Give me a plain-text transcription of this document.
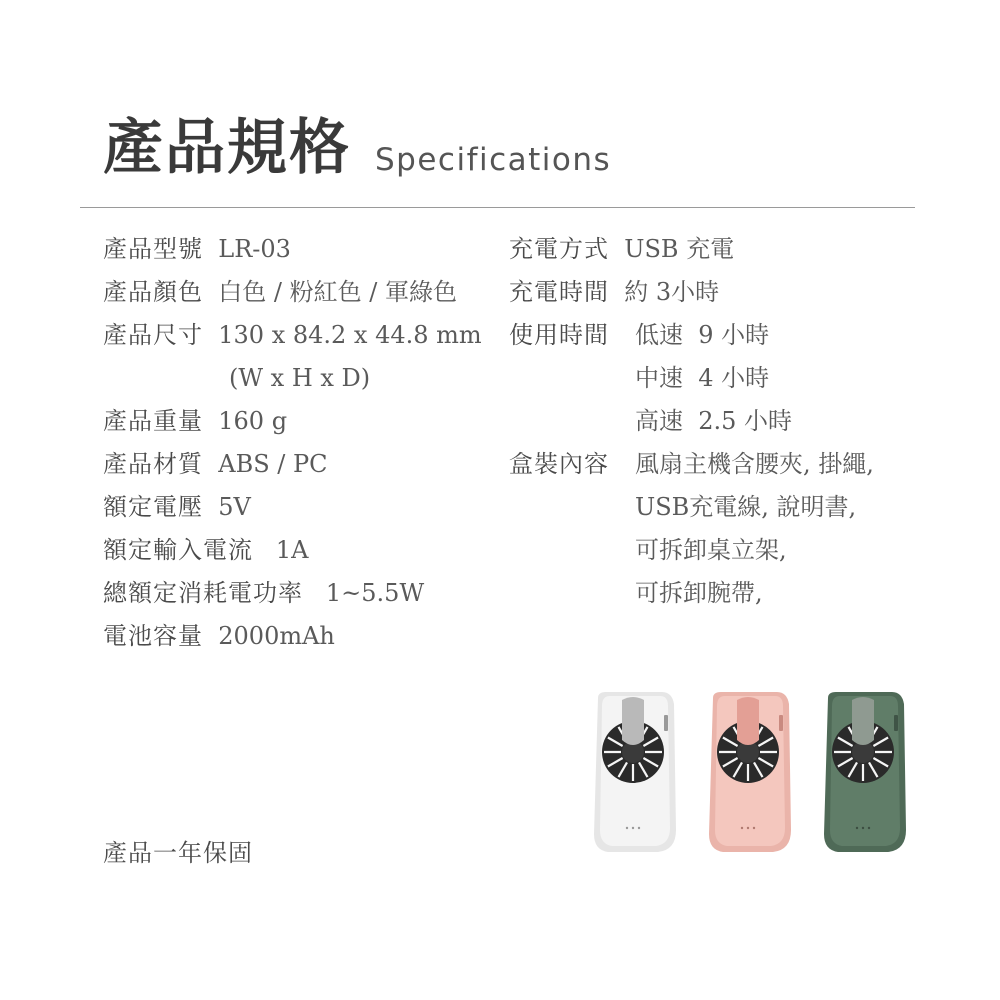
產品規格 Specifications
產品型號 LR-03
產品顏色 白色 / 粉紅色 / 軍綠色
產品尺寸 130 x 84.2 x 44.8 mm
(W x H x D)
產品重量 160 g
產品材質 ABS / PC
額定電壓 5V
額定輸入電流 1A
總額定消耗電功率 1~5.5W
電池容量 2000mAh
充電方式 USB 充電
充電時間 約 3小時
使用時間 低速  9 小時
中速  4 小時
高速  2.5 小時
盒裝內容 風扇主機含腰夾, 掛繩,
USB充電線, 說明書,
可拆卸桌立架,
可拆卸腕帶,
產品一年保固
